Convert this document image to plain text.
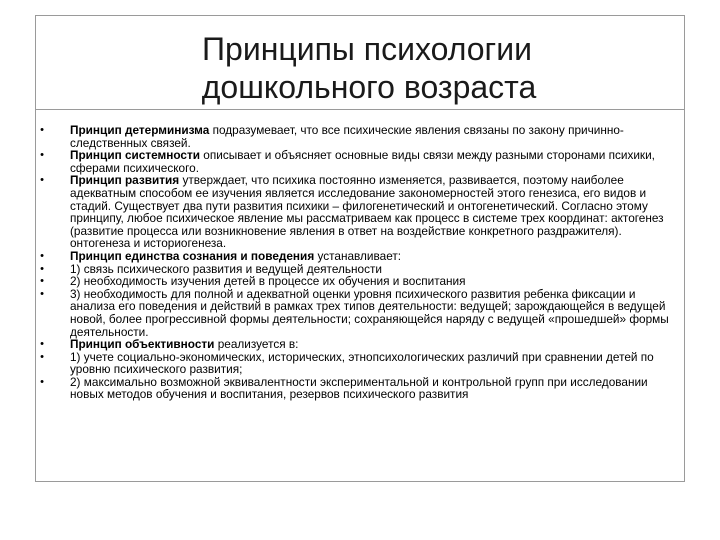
Принципы психологии
дошкольного возраста
•	Принцип детерминизма подразумевает, что все психические явления связаны по закону причинно-следственных связей.
•	Принцип системности описывает и объясняет основные виды связи между разными сторонами психики, сферами психического.
•	Принцип развития утверждает, что психика постоянно изменяется, развивается, поэтому наиболее адекватным способом ее изучения является исследование закономерностей этого генезиса, его видов и стадий. Существует два пути развития психики – филогенетический и онтогенетический. Согласно этому принципу, любое психическое явление мы рассматриваем как процесс в системе трех координат: актогенез (развитие процесса или возникновение явления в ответ на воздействие конкретного раздражителя). онтогенеза и историогенеза.
•	Принцип единства сознания и поведения устанавливает:
•	1) связь психического развития и ведущей деятельности
•	2) необходимость изучения детей в процессе их обучения и воспитания
•	3) необходимость для полной и адекватной оценки уровня психического развития ребенка фиксации и анализа его поведения и действий в рамках трех типов деятельности: ведущей; зарождающейся в ведущей новой, более прогрессивной формы деятельности; сохраняющейся наряду с ведущей «прошедшей» формы деятельности.
•	Принцип объективности реализуется в:
•	1) учете социально-экономических, исторических, этнопсихологических различий при сравнении детей по уровню психического развития;
•	2) максимально возможной эквивалентности экспериментальной и контрольной групп при исследовании новых методов обучения и воспитания, резервов психического развития
